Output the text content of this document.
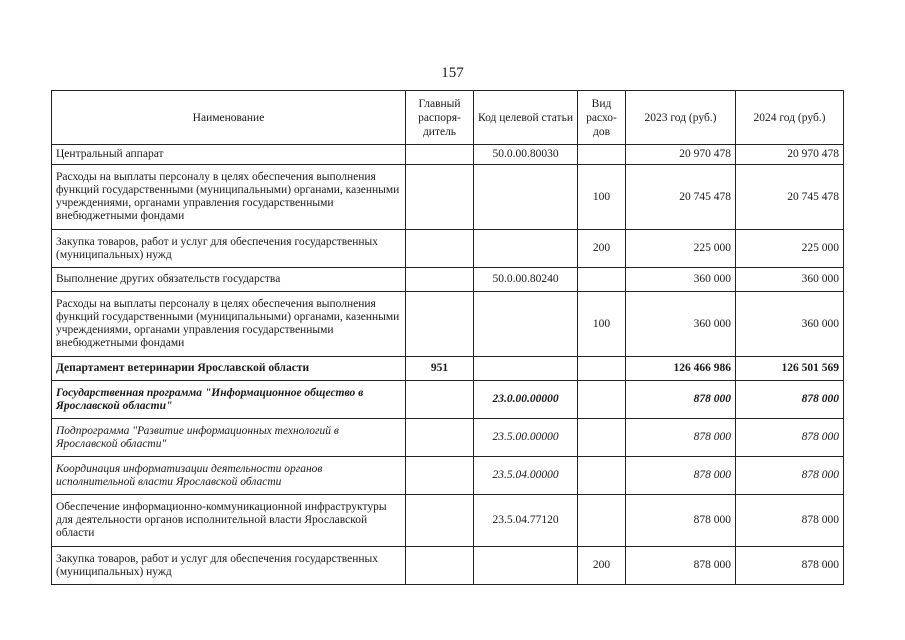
157
Наименование	Главный распоря-дитель	Код целевой статьи	Вид расхо-дов	2023 год (руб.)	2024 год (руб.)
Центральный аппарат		50.0.00.80030		20 970 478	20 970 478
Расходы на выплаты персоналу в целях обеспечения выполнения функций государственными (муниципальными) органами, казенными учреждениями, органами управления государственными внебюджетными фондами			100	20 745 478	20 745 478
Закупка товаров, работ и услуг для обеспечения государственных (муниципальных) нужд			200	225 000	225 000
Выполнение других обязательств государства		50.0.00.80240		360 000	360 000
Расходы на выплаты персоналу в целях обеспечения выполнения функций государственными (муниципальными) органами, казенными учреждениями, органами управления государственными внебюджетными фондами			100	360 000	360 000
Департамент ветеринарии Ярославской области	951			126 466 986	126 501 569
Государственная программа "Информационное общество в Ярославской области"		23.0.00.00000		878 000	878 000
Подпрограмма "Развитие информационных технологий в Ярославской области"		23.5.00.00000		878 000	878 000
Координация информатизации деятельности органов исполнительной власти Ярославской области		23.5.04.00000		878 000	878 000
Обеспечение информационно-коммуникационной инфраструктуры для деятельности органов исполнительной власти Ярославской области		23.5.04.77120		878 000	878 000
Закупка товаров, работ и услуг для обеспечения государственных (муниципальных) нужд			200	878 000	878 000
